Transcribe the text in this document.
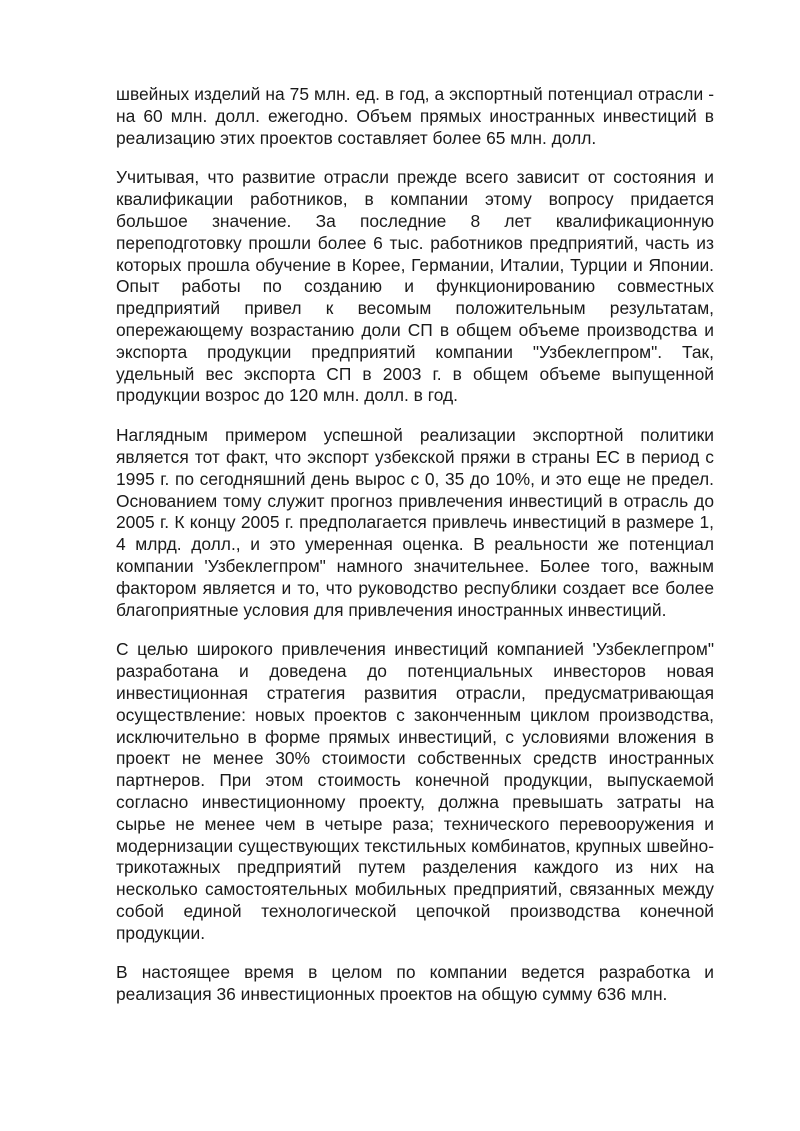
швейных изделий на 75 млн. ед. в год, а экспортный потенциал отрасли - на 60 млн. долл. ежегодно. Объем прямых иностранных инвестиций в реализацию этих проектов составляет более 65 млн. долл.

Учитывая, что развитие отрасли прежде всего зависит от состояния и квалификации работников, в компании этому вопросу придается большое значение. За последние 8 лет квалификационную переподготовку прошли более 6 тыс. работников предприятий, часть из которых прошла обучение в Корее, Германии, Италии, Турции и Японии. Опыт работы по созданию и функционированию совместных предприятий привел к весомым положительным результатам, опережающему возрастанию доли СП в общем объеме производства и экспорта продукции предприятий компании "Узбеклегпром". Так, удельный вес экспорта СП в 2003 г. в общем объеме выпущенной продукции возрос до 120 млн. долл. в год.

Наглядным примером успешной реализации экспортной политики является тот факт, что экспорт узбекской пряжи в страны ЕС в период с 1995 г. по сегодняшний день вырос с 0, 35 до 10%, и это еще не предел. Основанием тому служит прогноз привлечения инвестиций в отрасль до 2005 г. К концу 2005 г. предполагается привлечь инвестиций в размере 1, 4 млрд. долл., и это умеренная оценка. В реальности же потенциал компании 'Узбеклегпром" намного значительнее. Более того, важным фактором является и то, что руководство республики создает все более благоприятные условия для привлечения иностранных инвестиций.

С целью широкого привлечения инвестиций компанией 'Узбеклегпром" разработана и доведена до потенциальных инвесторов новая инвестиционная стратегия развития отрасли, предусматривающая осуществление: новых проектов с законченным циклом производства, исключительно в форме прямых инвестиций, с условиями вложения в проект не менее 30% стоимости собственных средств иностранных партнеров. При этом стоимость конечной продукции, выпускаемой согласно инвестиционному проекту, должна превышать затраты на сырье не менее чем в четыре раза; технического перевооружения и модернизации существующих текстильных комбинатов, крупных швейно-трикотажных предприятий путем разделения каждого из них на несколько самостоятельных мобильных предприятий, связанных между собой единой технологической цепочкой производства конечной продукции.

В настоящее время в целом по компании ведется разработка и реализация 36 инвестиционных проектов на общую сумму 636 млн.
